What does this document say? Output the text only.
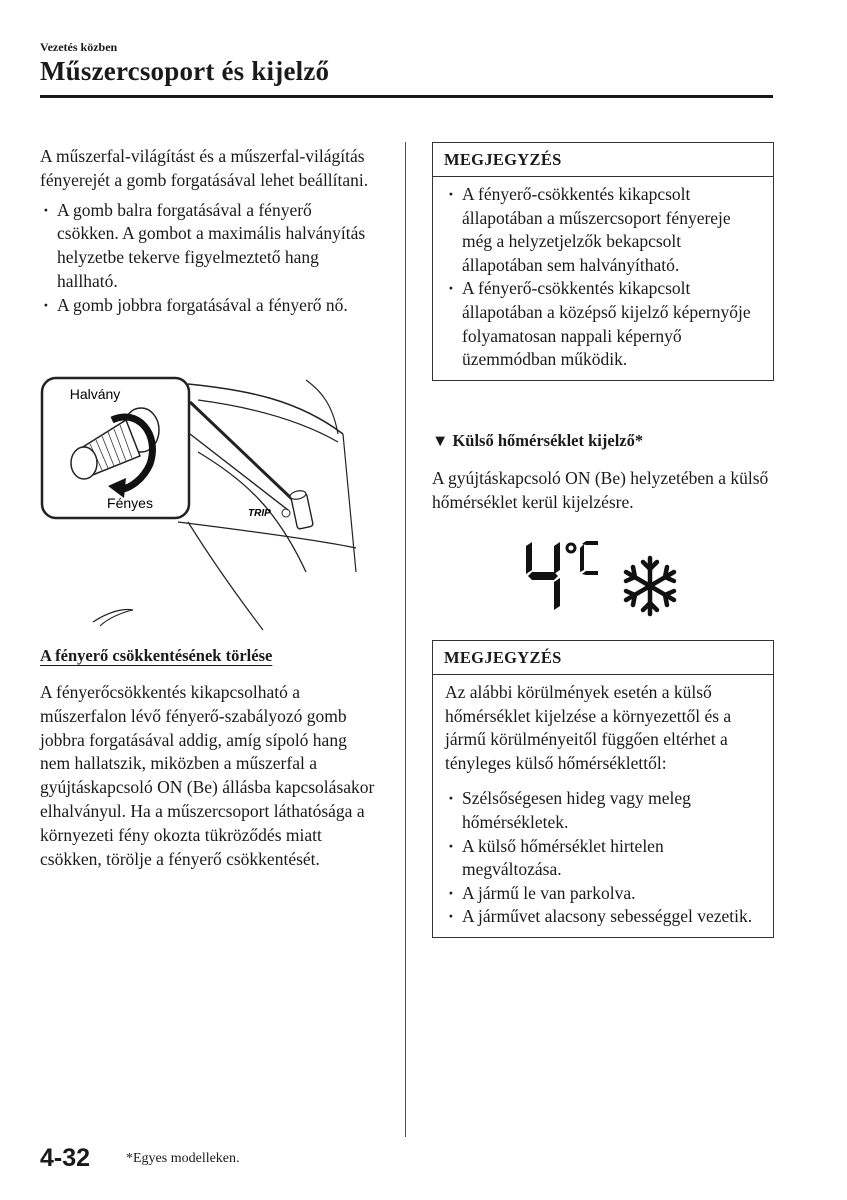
Vezetés közben
Műszercsoport és kijelző
A műszerfal-világítást és a műszerfal-világítás fényerejét a gomb forgatásával lehet beállítani.
· A gomb balra forgatásával a fényerő csökken. A gombot a maximális halványítás helyzetbe tekerve figyelmeztető hang hallható.
· A gomb jobbra forgatásával a fényerő nő.
TRIP
Halvány
Fényes
A fényerő csökkentésének törlése
A fényerőcsökkentés kikapcsolható a műszerfalon lévő fényerő-szabályozó gomb jobbra forgatásával addig, amíg sípoló hang nem hallatszik, miközben a műszerfal a gyújtáskapcsoló ON (Be) állásba kapcsolásakor elhalványul. Ha a műszercsoport láthatósága a környezeti fény okozta tükröződés miatt csökken, törölje a fényerő csökkentését.
MEGJEGYZÉS
· A fényerő-csökkentés kikapcsolt állapotában a műszercsoport fényereje még a helyzetjelzők bekapcsolt állapotában sem halványítható.
· A fényerő-csökkentés kikapcsolt állapotában a középső kijelző képernyője folyamatosan nappali képernyő üzemmódban működik.
▼ Külső hőmérséklet kijelző*
A gyújtáskapcsoló ON (Be) helyzetében a külső hőmérséklet kerül kijelzésre.
MEGJEGYZÉS
Az alábbi körülmények esetén a külső hőmérséklet kijelzése a környezettől és a jármű körülményeitől függően eltérhet a tényleges külső hőmérséklettől:
· Szélsőségesen hideg vagy meleg hőmérsékletek.
· A külső hőmérséklet hirtelen megváltozása.
· A jármű le van parkolva.
· A járművet alacsony sebességgel vezetik.
4-32	*Egyes modelleken.
